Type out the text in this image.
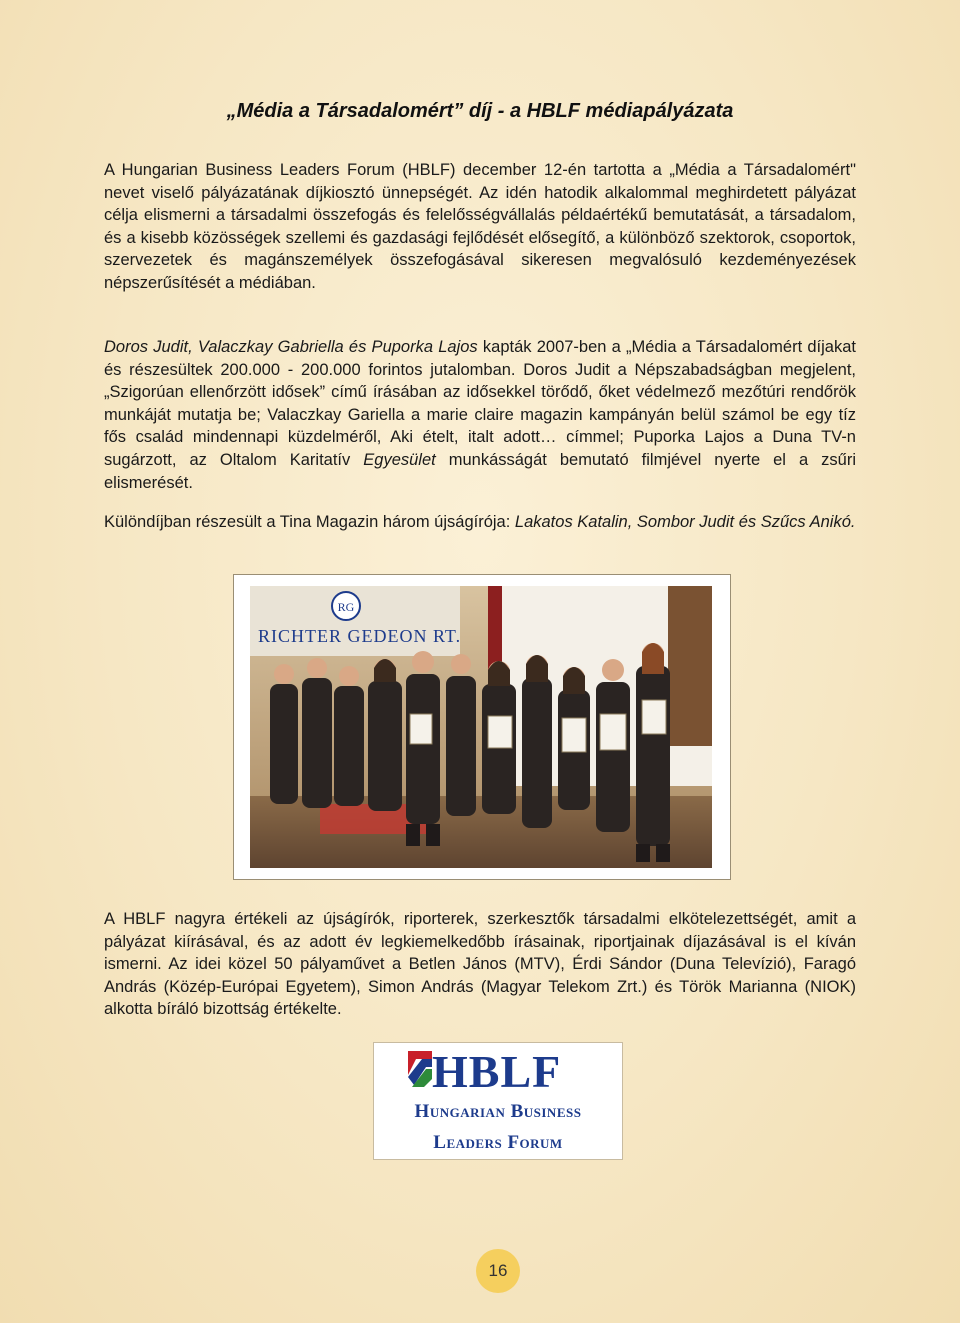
„Média a Társadalomért” díj - a HBLF médiapályázata

A Hungarian Business Leaders Forum (HBLF) december 12-én tartotta a „Média a Társadalomért" nevet viselő pályázatának díjkiosztó ünnepségét. Az idén hatodik alkalommal meghirdetett pályázat célja elismerni a társadalmi összefogás és felelősségvállalás példaértékű bemutatását, a társadalom, és a kisebb közösségek szellemi és gazdasági fejlődését elősegítő, a különböző szektorok, csoportok, szervezetek és magánszemélyek összefogásával sikeresen megvalósuló kezdeményezések népszerűsítését a médiában.

Doros Judit, Valaczkay Gabriella és Puporka Lajos kapták 2007-ben a „Média a Társadalomért díjakat és részesültek 200.000 - 200.000 forintos jutalomban. Doros Judit a Népszabadságban megjelent, „Szigorúan ellenőrzött idősek” című írásában az idősekkel törődő, őket védelmező mezőtúri rendőrök munkáját mutatja be; Valaczkay Gariella a marie claire magazin kampányán belül számol be egy tíz fős család mindennapi küzdelméről, Aki ételt, italt adott… címmel; Puporka Lajos a Duna TV-n sugárzott, az Oltalom Karitatív Egyesület munkásságát bemutató filmjével nyerte el a zsűri elismerését.

Különdíjban részesült a Tina Magazin három újságírója: Lakatos Katalin, Sombor Judit és Szűcs Anikó.

RG
RICHTER GEDEON RT.

A HBLF nagyra értékeli az újságírók, riporterek, szerkesztők társadalmi elkötelezettségét, amit a pályázat kiírásával, és az adott év legkiemelkedőbb írásainak, riportjainak díjazásával is el kíván ismerni. Az idei közel 50 pályaművet a Betlen János (MTV), Érdi Sándor (Duna Televízió), Faragó András (Közép-Európai Egyetem), Simon András (Magyar Telekom Zrt.) és Török Marianna (NIOK) alkotta bíráló bizottság értékelte.

HBLF
Hungarian Business
Leaders Forum
16
